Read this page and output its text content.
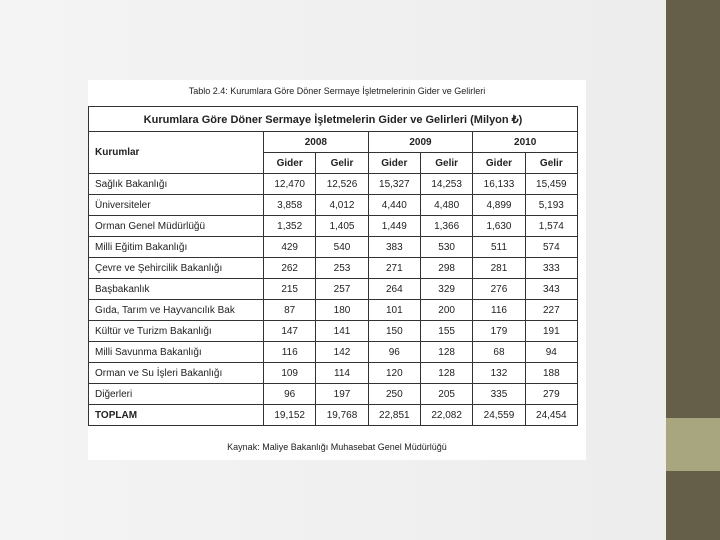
Tablo 2.4: Kurumlara Göre Döner Sermaye İşletmelerinin Gider ve Gelirleri
Kurumlara Göre Döner Sermaye İşletmelerin Gider ve Gelirleri (Milyon ₺)						
Kurumlar	2008		2009		2010	
	Gider	Gelir	Gider	Gelir	Gider	Gelir
Sağlık Bakanlığı	12,470	12,526	15,327	14,253	16,133	15,459
Üniversiteler	3,858	4,012	4,440	4,480	4,899	5,193
Orman Genel Müdürlüğü	1,352	1,405	1,449	1,366	1,630	1,574
Milli Eğitim Bakanlığı	429	540	383	530	511	574
Çevre ve Şehircilik Bakanlığı	262	253	271	298	281	333
Başbakanlık	215	257	264	329	276	343
Gıda, Tarım ve Hayvancılık Bak	87	180	101	200	116	227
Kültür ve Turizm Bakanlığı	147	141	150	155	179	191
Milli Savunma Bakanlığı	116	142	96	128	68	94
Orman ve Su İşleri Bakanlığı	109	114	120	128	132	188
Diğerleri	96	197	250	205	335	279
TOPLAM	19,152	19,768	22,851	22,082	24,559	24,454
Kaynak: Maliye Bakanlığı Muhasebat Genel Müdürlüğü
